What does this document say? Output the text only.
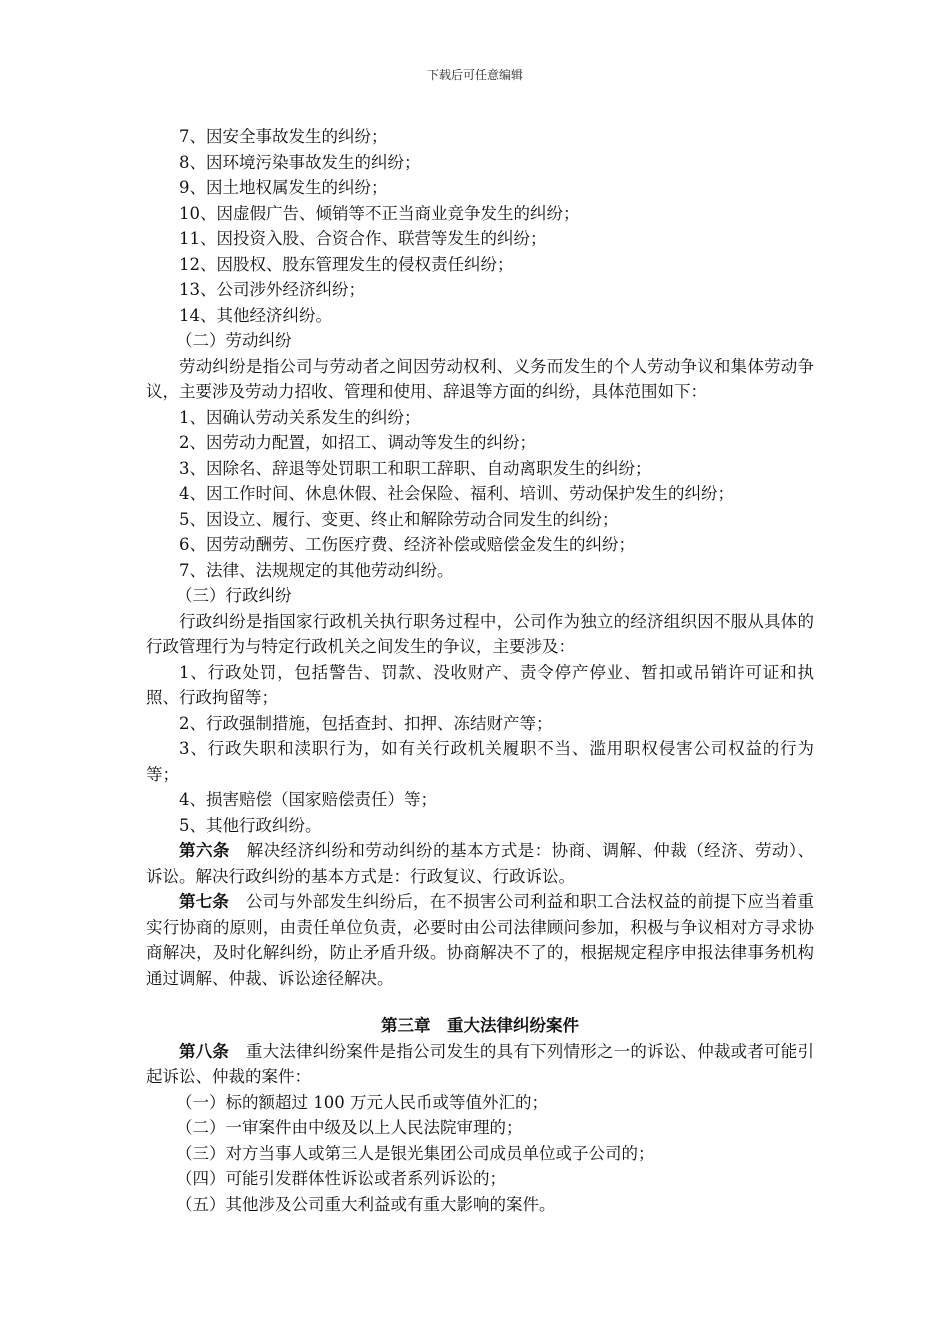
下载后可任意编辑
7、因安全事故发生的纠纷；
8、因环境污染事故发生的纠纷；
9、因土地权属发生的纠纷；
10、因虚假广告、倾销等不正当商业竞争发生的纠纷；
11、因投资入股、合资合作、联营等发生的纠纷；
12、因股权、股东管理发生的侵权责任纠纷；
13、公司涉外经济纠纷；
14、其他经济纠纷。
（二）劳动纠纷
劳动纠纷是指公司与劳动者之间因劳动权利、义务而发生的个人劳动争议和集体劳动争议，主要涉及劳动力招收、管理和使用、辞退等方面的纠纷，具体范围如下：
1、因确认劳动关系发生的纠纷；
2、因劳动力配置，如招工、调动等发生的纠纷；
3、因除名、辞退等处罚职工和职工辞职、自动离职发生的纠纷；
4、因工作时间、休息休假、社会保险、福利、培训、劳动保护发生的纠纷；
5、因设立、履行、变更、终止和解除劳动合同发生的纠纷；
6、因劳动酬劳、工伤医疗费、经济补偿或赔偿金发生的纠纷；
7、法律、法规规定的其他劳动纠纷。
（三）行政纠纷
行政纠纷是指国家行政机关执行职务过程中，公司作为独立的经济组织因不服从具体的行政管理行为与特定行政机关之间发生的争议，主要涉及：
1、行政处罚，包括警告、罚款、没收财产、责令停产停业、暂扣或吊销许可证和执照、行政拘留等；
2、行政强制措施，包括查封、扣押、冻结财产等；
3、行政失职和渎职行为，如有关行政机关履职不当、滥用职权侵害公司权益的行为等；
4、损害赔偿（国家赔偿责任）等；
5、其他行政纠纷。
第六条　解决经济纠纷和劳动纠纷的基本方式是：协商、调解、仲裁（经济、劳动）、诉讼。解决行政纠纷的基本方式是：行政复议、行政诉讼。
第七条　公司与外部发生纠纷后，在不损害公司利益和职工合法权益的前提下应当着重实行协商的原则，由责任单位负责，必要时由公司法律顾问参加，积极与争议相对方寻求协商解决，及时化解纠纷，防止矛盾升级。协商解决不了的，根据规定程序申报法律事务机构通过调解、仲裁、诉讼途径解决。
第三章　重大法律纠纷案件
第八条　重大法律纠纷案件是指公司发生的具有下列情形之一的诉讼、仲裁或者可能引起诉讼、仲裁的案件：
（一）标的额超过 100 万元人民币或等值外汇的；
（二）一审案件由中级及以上人民法院审理的；
（三）对方当事人或第三人是银光集团公司成员单位或子公司的；
（四）可能引发群体性诉讼或者系列诉讼的；
（五）其他涉及公司重大利益或有重大影响的案件。
